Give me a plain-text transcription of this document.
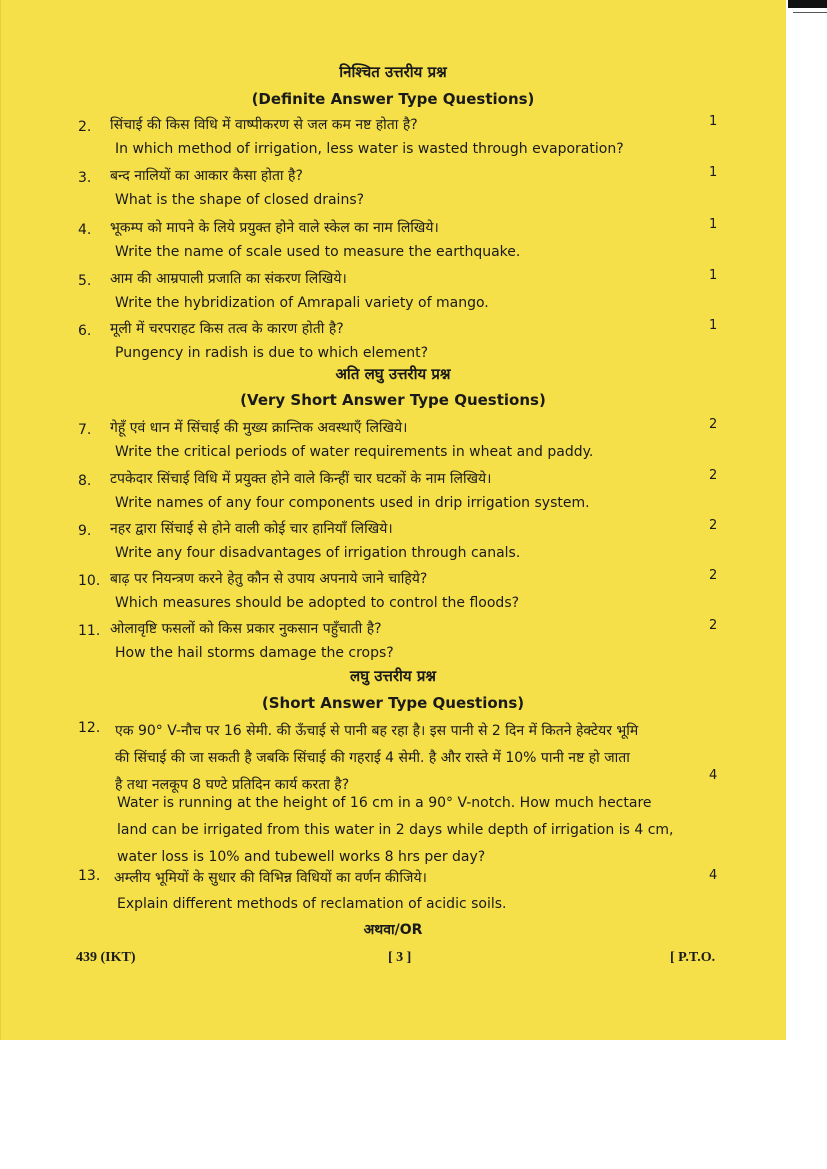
निश्चित उत्तरीय प्रश्न
(Definite Answer Type Questions)
2. सिंचाई की किस विधि में वाष्पीकरण से जल कम नष्ट होता है?	1
In which method of irrigation, less water is wasted through evaporation?
3. बन्द नालियों का आकार कैसा होता है?	1
What is the shape of closed drains?
4. भूकम्प को मापने के लिये प्रयुक्त होने वाले स्केल का नाम लिखिये।	1
Write the name of scale used to measure the earthquake.
5. आम की आम्रपाली प्रजाति का संकरण लिखिये।	1
Write the hybridization of Amrapali variety of mango.
6. मूली में चरपराहट किस तत्व के कारण होती है?	1
Pungency in radish is due to which element?
7. गेहूँ एवं धान में सिंचाई की मुख्य क्रान्तिक अवस्थाएँ लिखिये।	2
Write the critical periods of water requirements in wheat and paddy.
8. टपकेदार सिंचाई विधि में प्रयुक्त होने वाले किन्हीं चार घटकों के नाम लिखिये।	2
Write names of any four components used in drip irrigation system.
9. नहर द्वारा सिंचाई से होने वाली कोई चार हानियाँ लिखिये।	2
Write any four disadvantages of irrigation through canals.
10. बाढ़ पर नियन्त्रण करने हेतु कौन से उपाय अपनाये जाने चाहिये?	2
Which measures should be adopted to control the floods?
11. ओलावृष्टि फसलों को किस प्रकार नुकसान पहुँचाती है?	2
How the hail storms damage the crops?
अति लघु उत्तरीय प्रश्न
(Very Short Answer Type Questions)
लघु उत्तरीय प्रश्न
(Short Answer Type Questions)
12. एक 90° V-नौच पर 16 सेमी. की ऊँचाई से पानी बह रहा है। इस पानी से 2 दिन में कितने हेक्टेयर भूमि
की सिंचाई की जा सकती है जबकि सिंचाई की गहराई 4 सेमी. है और रास्ते में 10% पानी नष्ट हो जाता
है तथा नलकूप 8 घण्टे प्रतिदिन कार्य करता है?
4
Water is running at the height of 16 cm in a 90° V-notch. How much hectare
land can be irrigated from this water in 2 days while depth of irrigation is 4 cm,
water loss is 10% and tubewell works 8 hrs per day?
13. अम्लीय भूमियों के सुधार की विभिन्न विधियों का वर्णन कीजिये।	4
Explain different methods of reclamation of acidic soils.
अथवा/OR
439 (IKT)	[ 3 ]	[ P.T.O.
